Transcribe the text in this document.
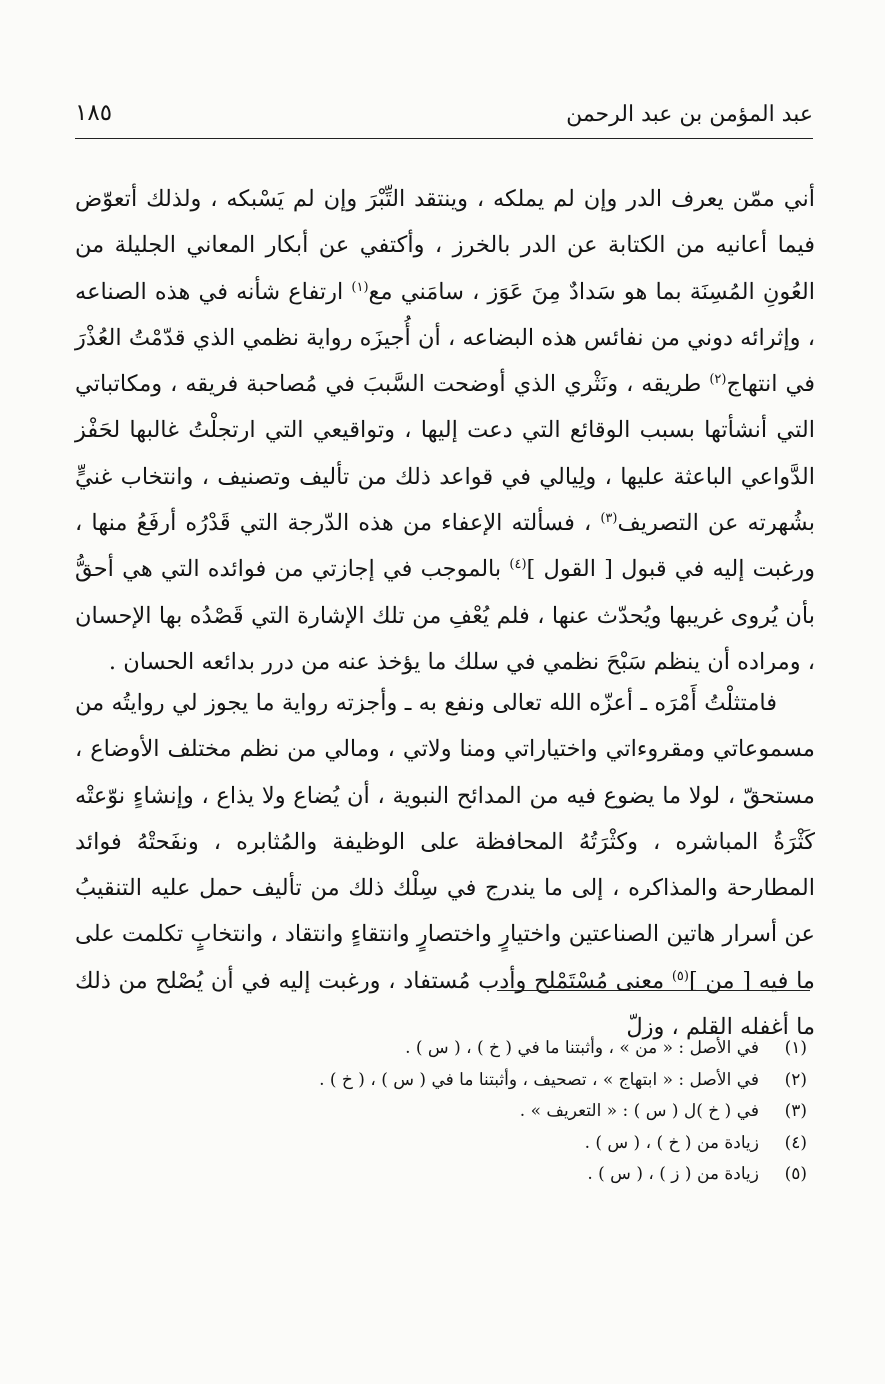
عبد المؤمن بن عبد الرحمن
١٨٥

أني ممّن يعرف الدر وإن لم يملكه ، وينتقد التِّبْرَ وإن لم يَسْبكه ، ولذلك أتعوّض فيما أعانيه من الكتابة عن الدر بالخرز ، وأكتفي عن أبكار المعاني الجليلة من العُونِ المُسِنَة بما هو سَدادٌ مِنَ عَوَز ، سامَني مع$^{(١)}$ ارتفاع شأنه في هذه الصناعه ، وإثرائه دوني من نفائس هذه البضاعه ، أن أُجيزَه رواية نظمي الذي قدّمْتُ العُذْرَ في انتهاج$^{(٢)}$ طريقه ، ونَثْري الذي أوضحت السَّببَ في مُصاحبة فريقه ، ومكاتباتي التي أنشأتها بسبب الوقائع التي دعت إليها ، وتواقيعي التي ارتجلْتُ غالبها لحَفْز الدَّواعي الباعثة عليها ، ولِيالي في قواعد ذلك من تأليف وتصنيف ، وانتخاب غنيٍّ بشُهرته عن التصريف$^{(٣)}$ ، فسألته الإعفاء من هذه الدّرجة التي قَدْرُه أرفَعُ منها ، ورغبت إليه في قبول [ القول ]$^{(٤)}$ بالموجب في إجازتي من فوائده التي هي أحقُّ بأن يُروى غريبها ويُحدّث عنها ، فلم يُعْفِ من تلك الإشارة التي قَصْدُه بها الإحسان ، ومراده أن ينظم سَبْحَ نظمي في سلك ما يؤخذ عنه من درر بدائعه الحسان .

فامتثلْتُ أَمْرَه ـ أعزّه الله تعالى ونفع به ـ وأجزته رواية ما يجوز لي روايتُه من مسموعاتي ومقروءاتي واختياراتي ومنا ولاتي ، ومالي من نظم مختلف الأوضاع ، مستحقّ ، لولا ما يضوع فيه من المدائح النبوية ، أن يُضاع ولا يذاع ، وإنشاءٍ نوّعتْه كَثْرَةُ المباشره ، وكثْرَتُهُ المحافظة على الوظيفة والمُثابره ، ونفَحتْهُ فوائد المطارحة والمذاكره ، إلى ما يندرج في سِلْك ذلك من تأليف حمل عليه التنقيبُ عن أسرار هاتين الصناعتين واختيارٍ واختصارٍ وانتقاءٍ وانتقاد ، وانتخابٍ تكلمت على ما فيه [ من ]$^{(٥)}$ معنى مُسْتَمْلح وأدب مُستفاد ، ورغبت إليه في أن يُصْلح من ذلك ما أغفله القلم ، وزلّ

(١)في الأصل : « من » ، وأثبتنا ما في ( خ ) ، ( س ) .
(٢)في الأصل : « ابتهاج » ، تصحيف ، وأثبتنا ما في ( س ) ، ( خ ) .
(٣)في ( خ )ل ( س ) : « التعريف » .
(٤)زيادة من ( خ ) ، ( س ) .
(٥)زيادة من ( ز ) ، ( س ) .
